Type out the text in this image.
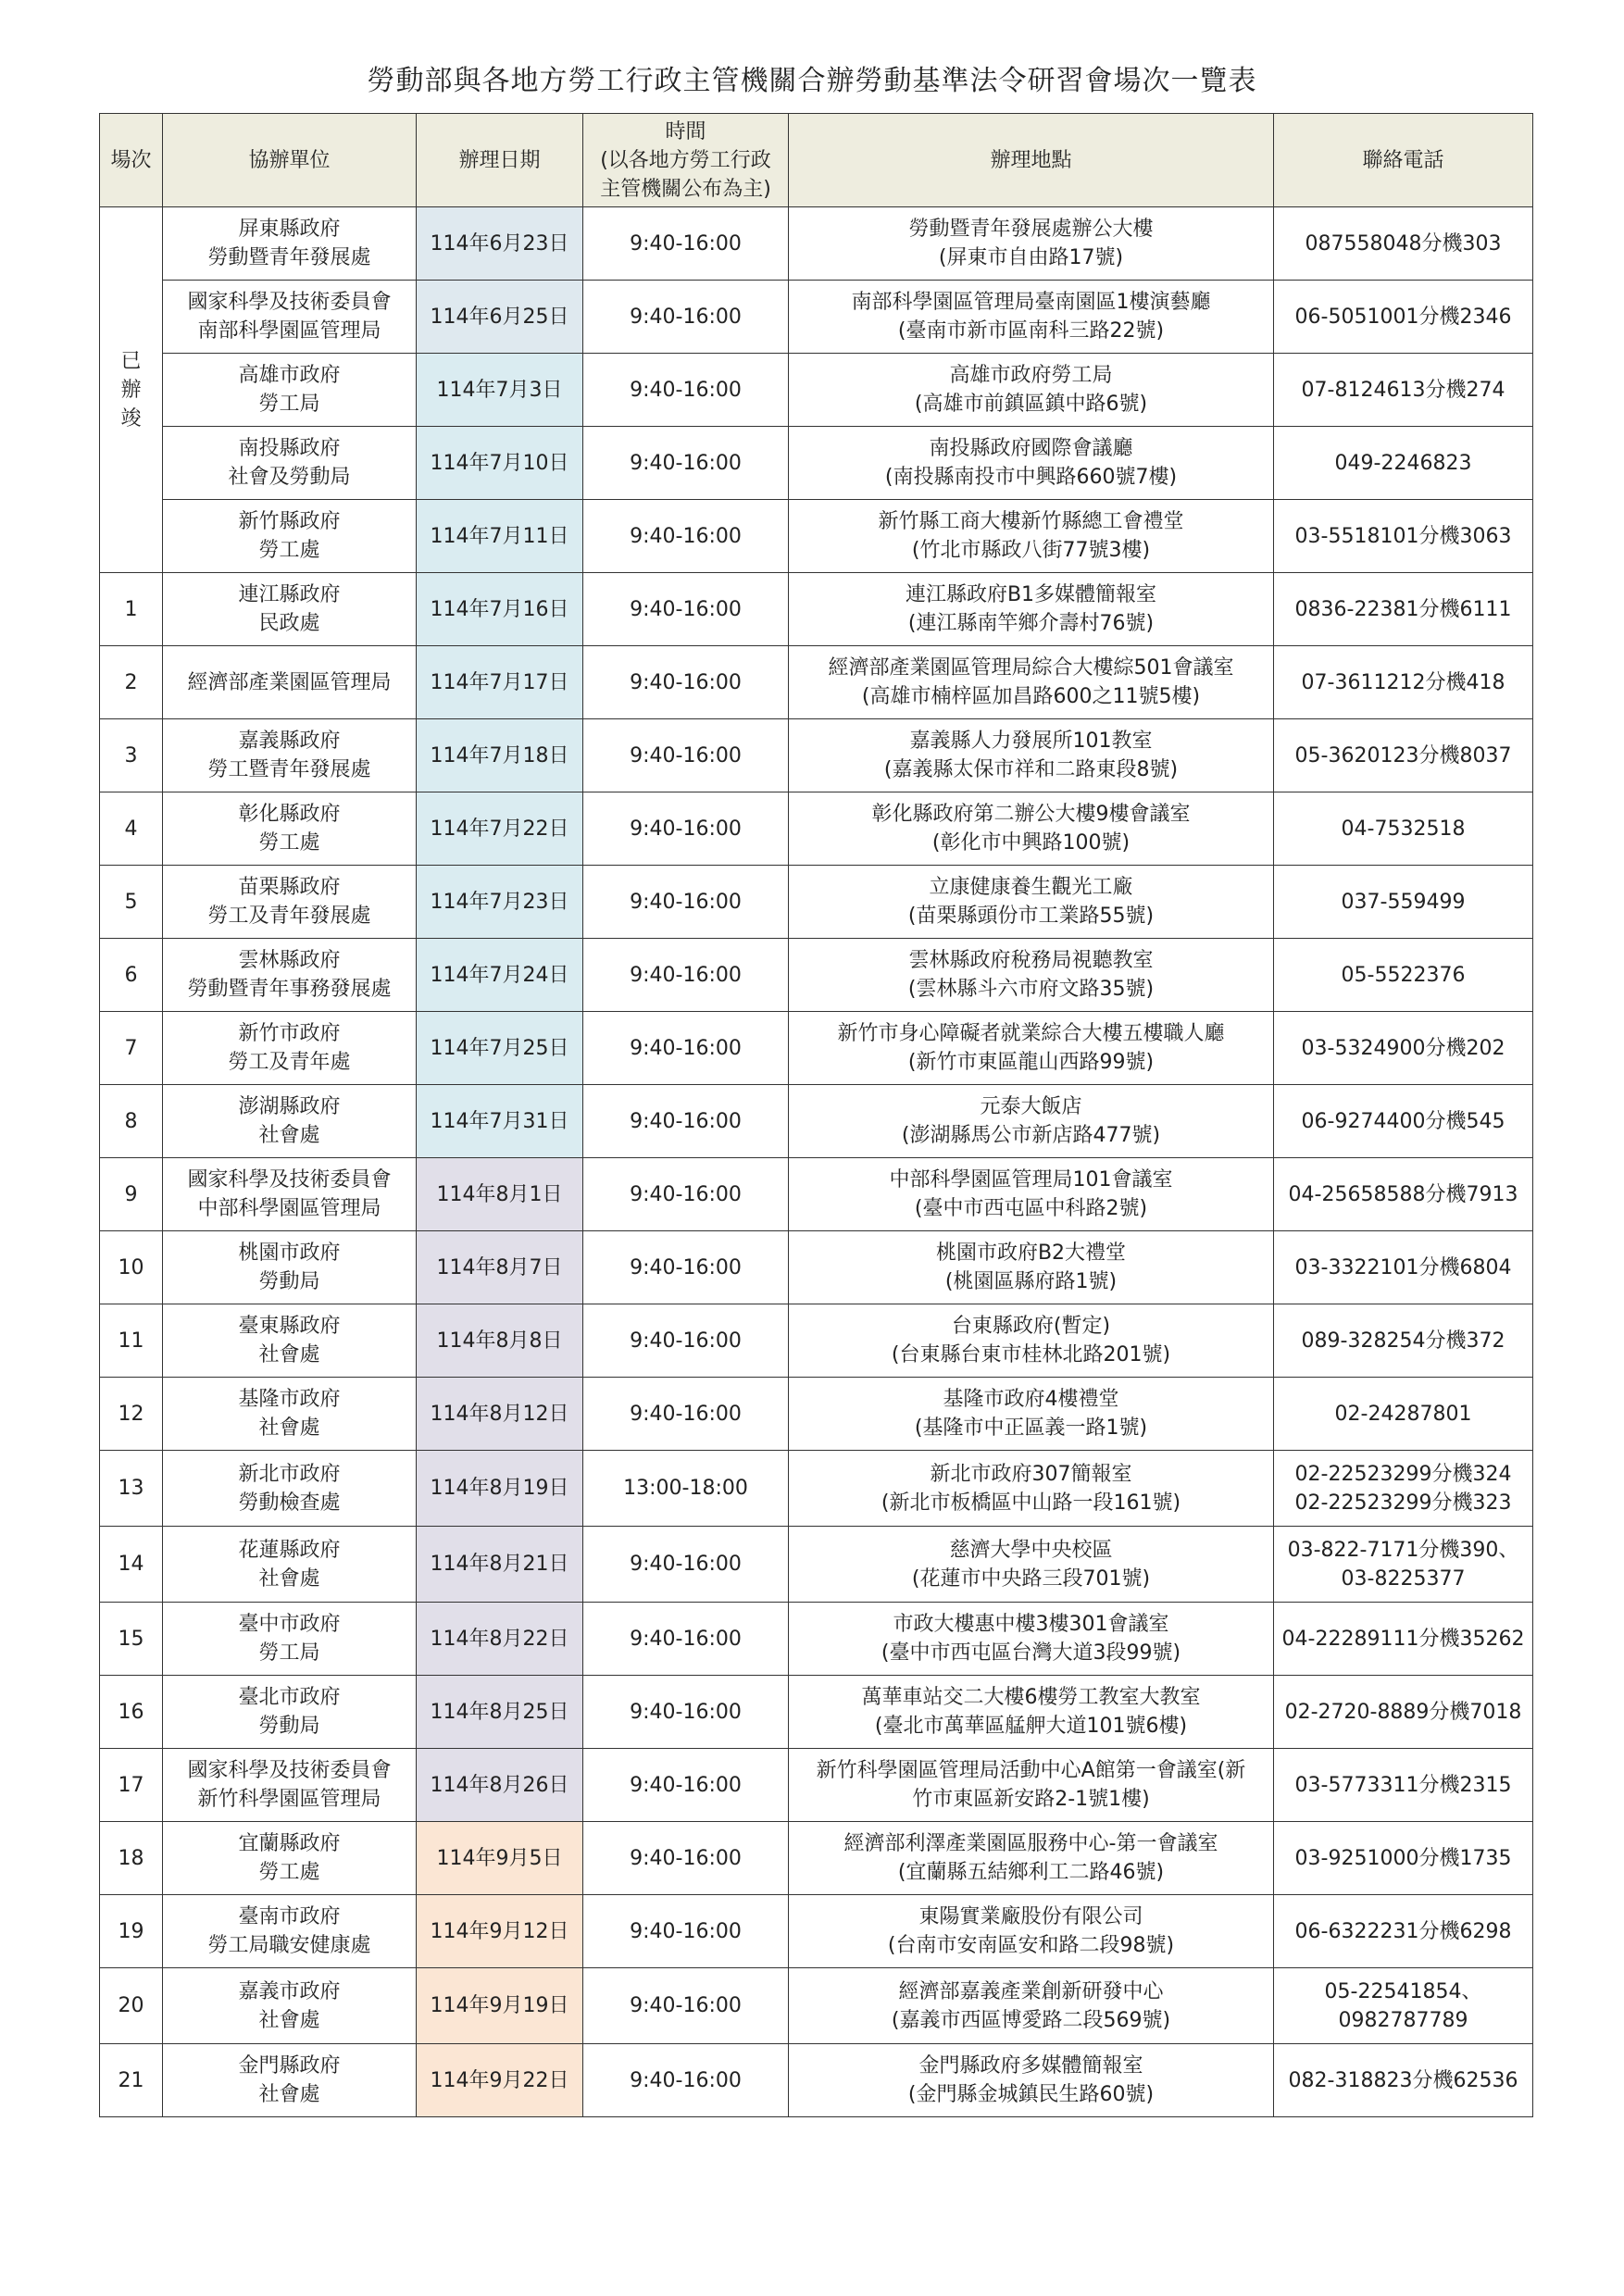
勞動部與各地方勞工行政主管機關合辦勞動基準法令研習會場次一覽表
場次	協辦單位	辦理日期	時間
(以各地方勞工行政
主管機關公布為主)	辦理地點	聯絡電話

已
辦
竣	屏東縣政府
勞動暨青年發展處	114年6月23日	9:40-16:00	勞動暨青年發展處辦公大樓
(屏東市自由路17號)	087558048分機303

	國家科學及技術委員會
南部科學園區管理局	114年6月25日	9:40-16:00	南部科學園區管理局臺南園區1樓演藝廳
(臺南市新市區南科三路22號)	06-5051001分機2346

	高雄市政府
勞工局	114年7月3日	9:40-16:00	高雄市政府勞工局
(高雄市前鎮區鎮中路6號)	07-8124613分機274

	南投縣政府
社會及勞動局	114年7月10日	9:40-16:00	南投縣政府國際會議廳
(南投縣南投市中興路660號7樓)	049-2246823

	新竹縣政府
勞工處	114年7月11日	9:40-16:00	新竹縣工商大樓新竹縣總工會禮堂
(竹北市縣政八街77號3樓)	03-5518101分機3063

1	連江縣政府
民政處	114年7月16日	9:40-16:00	連江縣政府B1多媒體簡報室
(連江縣南竿鄉介壽村76號)	0836-22381分機6111

2	經濟部產業園區管理局	114年7月17日	9:40-16:00	經濟部產業園區管理局綜合大樓綜501會議室
(高雄市楠梓區加昌路600之11號5樓)	07-3611212分機418

3	嘉義縣政府
勞工暨青年發展處	114年7月18日	9:40-16:00	嘉義縣人力發展所101教室
(嘉義縣太保市祥和二路東段8號)	05-3620123分機8037

4	彰化縣政府
勞工處	114年7月22日	9:40-16:00	彰化縣政府第二辦公大樓9樓會議室
(彰化市中興路100號)	04-7532518

5	苗栗縣政府
勞工及青年發展處	114年7月23日	9:40-16:00	立康健康養生觀光工廠
(苗栗縣頭份市工業路55號)	037-559499

6	雲林縣政府
勞動暨青年事務發展處	114年7月24日	9:40-16:00	雲林縣政府稅務局視聽教室
(雲林縣斗六市府文路35號)	05-5522376

7	新竹市政府
勞工及青年處	114年7月25日	9:40-16:00	新竹市身心障礙者就業綜合大樓五樓職人廳
(新竹市東區龍山西路99號)	03-5324900分機202

8	澎湖縣政府
社會處	114年7月31日	9:40-16:00	元泰大飯店
(澎湖縣馬公市新店路477號)	06-9274400分機545

9	國家科學及技術委員會
中部科學園區管理局	114年8月1日	9:40-16:00	中部科學園區管理局101會議室
(臺中市西屯區中科路2號)	04-25658588分機7913

10	桃園市政府
勞動局	114年8月7日	9:40-16:00	桃園市政府B2大禮堂
(桃園區縣府路1號)	03-3322101分機6804

11	臺東縣政府
社會處	114年8月8日	9:40-16:00	台東縣政府(暫定)
(台東縣台東市桂林北路201號)	089-328254分機372

12	基隆市政府
社會處	114年8月12日	9:40-16:00	基隆市政府4樓禮堂
(基隆市中正區義一路1號)	02-24287801

13	新北市政府
勞動檢查處	114年8月19日	13:00-18:00	新北市政府307簡報室
(新北市板橋區中山路一段161號)	02-22523299分機324
02-22523299分機323

14	花蓮縣政府
社會處	114年8月21日	9:40-16:00	慈濟大學中央校區
(花蓮市中央路三段701號)	03-822-7171分機390、
03-8225377

15	臺中市政府
勞工局	114年8月22日	9:40-16:00	市政大樓惠中樓3樓301會議室
(臺中市西屯區台灣大道3段99號)	04-22289111分機35262

16	臺北市政府
勞動局	114年8月25日	9:40-16:00	萬華車站交二大樓6樓勞工教室大教室
(臺北市萬華區艋舺大道101號6樓)	02-2720-8889分機7018

17	國家科學及技術委員會
新竹科學園區管理局	114年8月26日	9:40-16:00	新竹科學園區管理局活動中心A館第一會議室(新
竹市東區新安路2-1號1樓)	03-5773311分機2315

18	宜蘭縣政府
勞工處	114年9月5日	9:40-16:00	經濟部利澤產業園區服務中心-第一會議室
(宜蘭縣五結鄉利工二路46號)	03-9251000分機1735

19	臺南市政府
勞工局職安健康處	114年9月12日	9:40-16:00	東陽實業廠股份有限公司
(台南市安南區安和路二段98號)	06-6322231分機6298

20	嘉義市政府
社會處	114年9月19日	9:40-16:00	經濟部嘉義產業創新研發中心
(嘉義市西區博愛路二段569號)	05-22541854、
0982787789

21	金門縣政府
社會處	114年9月22日	9:40-16:00	金門縣政府多媒體簡報室
(金門縣金城鎮民生路60號)	082-318823分機62536
